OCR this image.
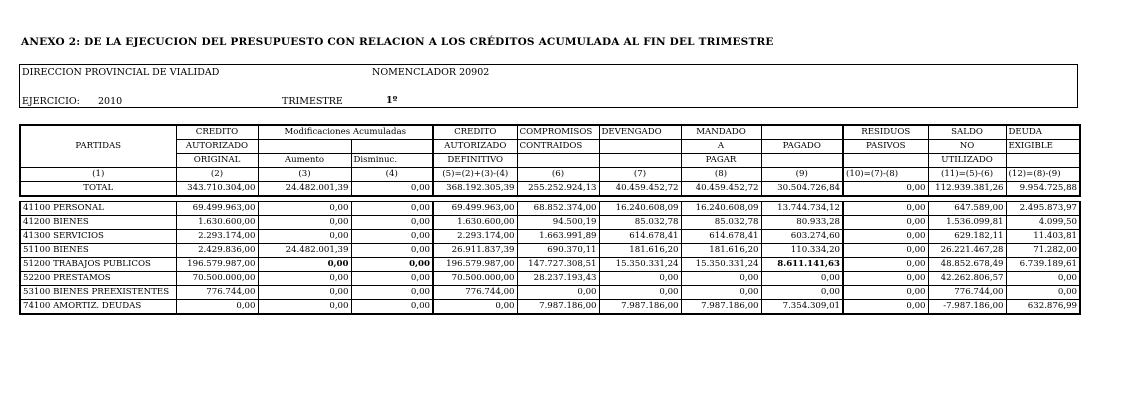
ANEXO 2: DE LA EJECUCION DEL PRESUPUESTO CON RELACION A LOS CRÉDITOS ACUMULADA AL FIN DEL TRIMESTRE
DIRECCION PROVINCIAL DE VIALIDAD	NOMENCLADOR 20902
EJERCICIO: 2010	TRIMESTRE	1º
PARTIDAS	CREDITO	Modificaciones Acumuladas		CREDITO	COMPROMISOS	DEVENGADO	MANDADO		RESIDUOS	SALDO	DEUDA
	AUTORIZADO			AUTORIZADO	CONTRAIDOS		A	PAGADO	PASIVOS	NO	EXIGIBLE
	ORIGINAL	Aumento	Disminuc.	DEFINITIVO			PAGAR			UTILIZADO	
(1)	(2)	(3)	(4)	(5)=(2)+(3)-(4)	(6)	(7)	(8)	(9)	(10)=(7)-(8)	(11)=(5)-(6)	(12)=(8)-(9)
TOTAL	343.710.304,00	24.482.001,39	0,00	368.192.305,39	255.252.924,13	40.459.452,72	40.459.452,72	30.504.726,84	0,00	112.939.381,26	9.954.725,88

41100 PERSONAL	69.499.963,00	0,00	0,00	69.499.963,00	68.852.374,00	16.240.608,09	16.240.608,09	13.744.734,12	0,00	647.589,00	2.495.873,97
41200 BIENES	1.630.600,00	0,00	0,00	1.630.600,00	94.500,19	85.032,78	85.032,78	80.933,28	0,00	1.536.099,81	4.099,50
41300 SERVICIOS	2.293.174,00	0,00	0,00	2.293.174,00	1.663.991,89	614.678,41	614.678,41	603.274,60	0,00	629.182,11	11.403,81
51100 BIENES	2.429.836,00	24.482.001,39	0,00	26.911.837,39	690.370,11	181.616,20	181.616,20	110.334,20	0,00	26.221.467,28	71.282,00
51200 TRABAJOS PUBLICOS	196.579.987,00	0,00	0,00	196.579.987,00	147.727.308,51	15.350.331,24	15.350.331,24	8.611.141,63	0,00	48.852.678,49	6.739.189,61
52200 PRESTAMOS	70.500.000,00	0,00	0,00	70.500.000,00	28.237.193,43	0,00	0,00	0,00	0,00	42.262.806,57	0,00
53100 BIENES PREEXISTENTES	776.744,00	0,00	0,00	776.744,00	0,00	0,00	0,00	0,00	0,00	776.744,00	0,00
74100 AMORTIZ. DEUDAS	0,00	0,00	0,00	0,00	7.987.186,00	7.987.186,00	7.987.186,00	7.354.309,01	0,00	-7.987.186,00	632.876,99
